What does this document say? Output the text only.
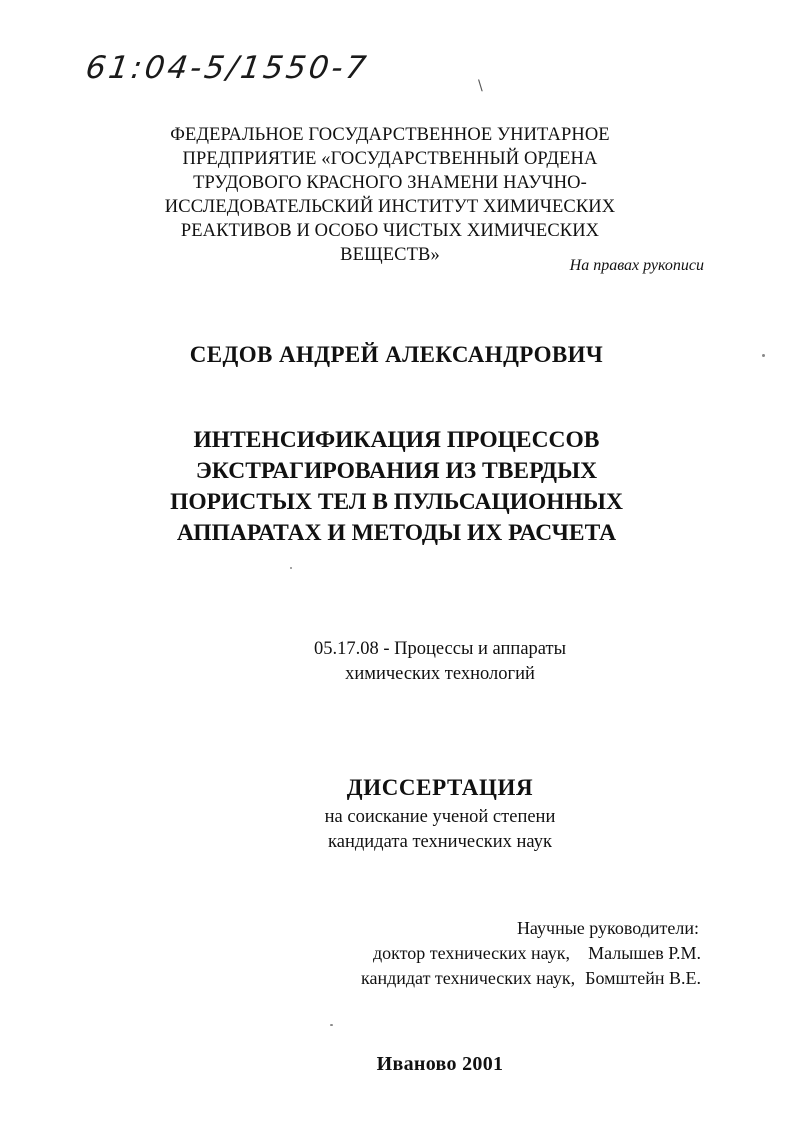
61:04-5/1550-7	\
ФЕДЕРАЛЬНОЕ ГОСУДАРСТВЕННОЕ УНИТАРНОЕ
ПРЕДПРИЯТИЕ «ГОСУДАРСТВЕННЫЙ ОРДЕНА
ТРУДОВОГО КРАСНОГО ЗНАМЕНИ НАУЧНО-
ИССЛЕДОВАТЕЛЬСКИЙ ИНСТИТУТ ХИМИЧЕСКИХ
РЕАКТИВОВ И ОСОБО ЧИСТЫХ ХИМИЧЕСКИХ ВЕЩЕСТВ»
На правах рукописи
СЕДОВ АНДРЕЙ АЛЕКСАНДРОВИЧ
ИНТЕНСИФИКАЦИЯ ПРОЦЕССОВ
ЭКСТРАГИРОВАНИЯ ИЗ ТВЕРДЫХ
ПОРИСТЫХ ТЕЛ В ПУЛЬСАЦИОННЫХ
АППАРАТАХ И МЕТОДЫ ИХ РАСЧЕТА
05.17.08 - Процессы и аппараты
химических технологий
ДИССЕРТАЦИЯ
на соискание ученой степени
кандидата технических наук
Научные руководители:
доктор технических наук, Малышев Р.М.
кандидат технических наук, Бомштейн В.Е.
Иваново 2001
